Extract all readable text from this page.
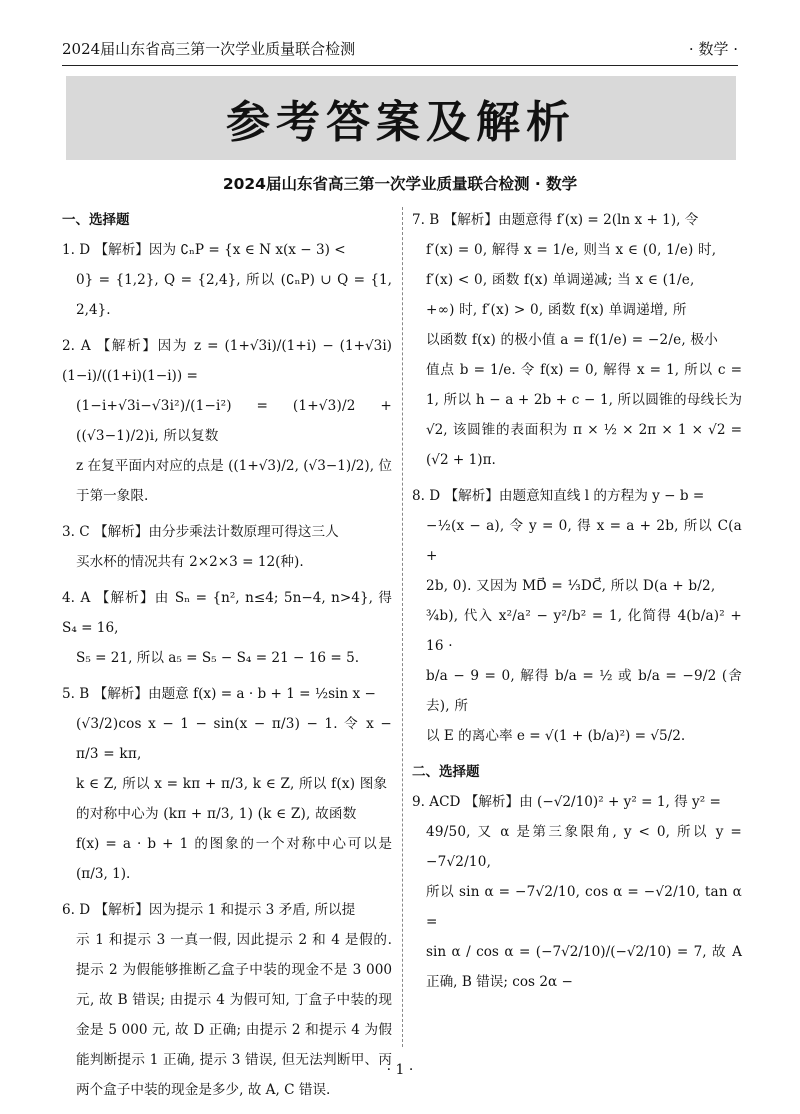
2024届山东省高三第一次学业质量联合检测	· 数学 ·
参考答案及解析
2024届山东省高三第一次学业质量联合检测 · 数学
一、选择题
1. D 【解析】因为 ∁ₙP = {x ∈ N x(x − 3) <
0} = {1,2}, Q = {2,4}, 所以 (∁ₙP) ∪ Q = {1, 2,4}.
2. A 【解析】因为 z = (1+√3i)/(1+i) − (1+√3i)(1−i)/((1+i)(1−i)) =
(1−i+√3i−√3i²)/(1−i²) = (1+√3)/2 + ((√3−1)/2)i, 所以复数
z 在复平面内对应的点是 ((1+√3)/2, (√3−1)/2), 位于第一象限.
3. C 【解析】由分步乘法计数原理可得这三人
买水杯的情况共有 2×2×3 = 12(种).
4. A 【解析】由 Sₙ = {n², n≤4; 5n−4, n>4}, 得 S₄ = 16,
S₅ = 21, 所以 a₅ = S₅ − S₄ = 21 − 16 = 5.
5. B 【解析】由题意 f(x) = a · b + 1 = ½sin x −
(√3/2)cos x − 1 − sin(x − π/3) − 1. 令 x − π/3 = kπ,
k ∈ Z, 所以 x = kπ + π/3, k ∈ Z, 所以 f(x) 图象
的对称中心为 (kπ + π/3, 1) (k ∈ Z), 故函数
f(x) = a · b + 1 的图象的一个对称中心可以是 (π/3, 1).
6. D 【解析】因为提示 1 和提示 3 矛盾, 所以提
示 1 和提示 3 一真一假, 因此提示 2 和 4 是假的. 提示 2 为假能够推断乙盒子中装的现金不是 3 000 元, 故 B 错误; 由提示 4 为假可知, 丁盒子中装的现金是 5 000 元, 故 D 正确; 由提示 2 和提示 4 为假能判断提示 1 正确, 提示 3 错误, 但无法判断甲、丙两个盒子中装的现金是多少, 故 A, C 错误.
7. B 【解析】由题意得 f′(x) = 2(ln x + 1), 令
f′(x) = 0, 解得 x = 1/e, 则当 x ∈ (0, 1/e) 时,
f′(x) < 0, 函数 f(x) 单调递减; 当 x ∈ (1/e,
+∞) 时, f′(x) > 0, 函数 f(x) 单调递增, 所
以函数 f(x) 的极小值 a = f(1/e) = −2/e, 极小
值点 b = 1/e. 令 f(x) = 0, 解得 x = 1, 所以 c = 1, 所以 h − a + 2b + c − 1, 所以圆锥的母线长为 √2, 该圆锥的表面积为 π × ½ × 2π × 1 × √2 = (√2 + 1)π.
8. D 【解析】由题意知直线 l 的方程为 y − b =
−½(x − a), 令 y = 0, 得 x = a + 2b, 所以 C(a +
2b, 0). 又因为 MD⃗ = ⅓DC⃗, 所以 D(a + b/2,
¾b), 代入 x²/a² − y²/b² = 1, 化简得 4(b/a)² + 16 ·
b/a − 9 = 0, 解得 b/a = ½ 或 b/a = −9/2 (舍去), 所
以 E 的离心率 e = √(1 + (b/a)²) = √5/2.
二、选择题
9. ACD 【解析】由 (−√2/10)² + y² = 1, 得 y² =
49/50, 又 α 是第三象限角, y < 0, 所以 y = −7√2/10,
所以 sin α = −7√2/10, cos α = −√2/10, tan α =
sin α / cos α = (−7√2/10)/(−√2/10) = 7, 故 A 正确, B 错误; cos 2α −
· 1 ·
